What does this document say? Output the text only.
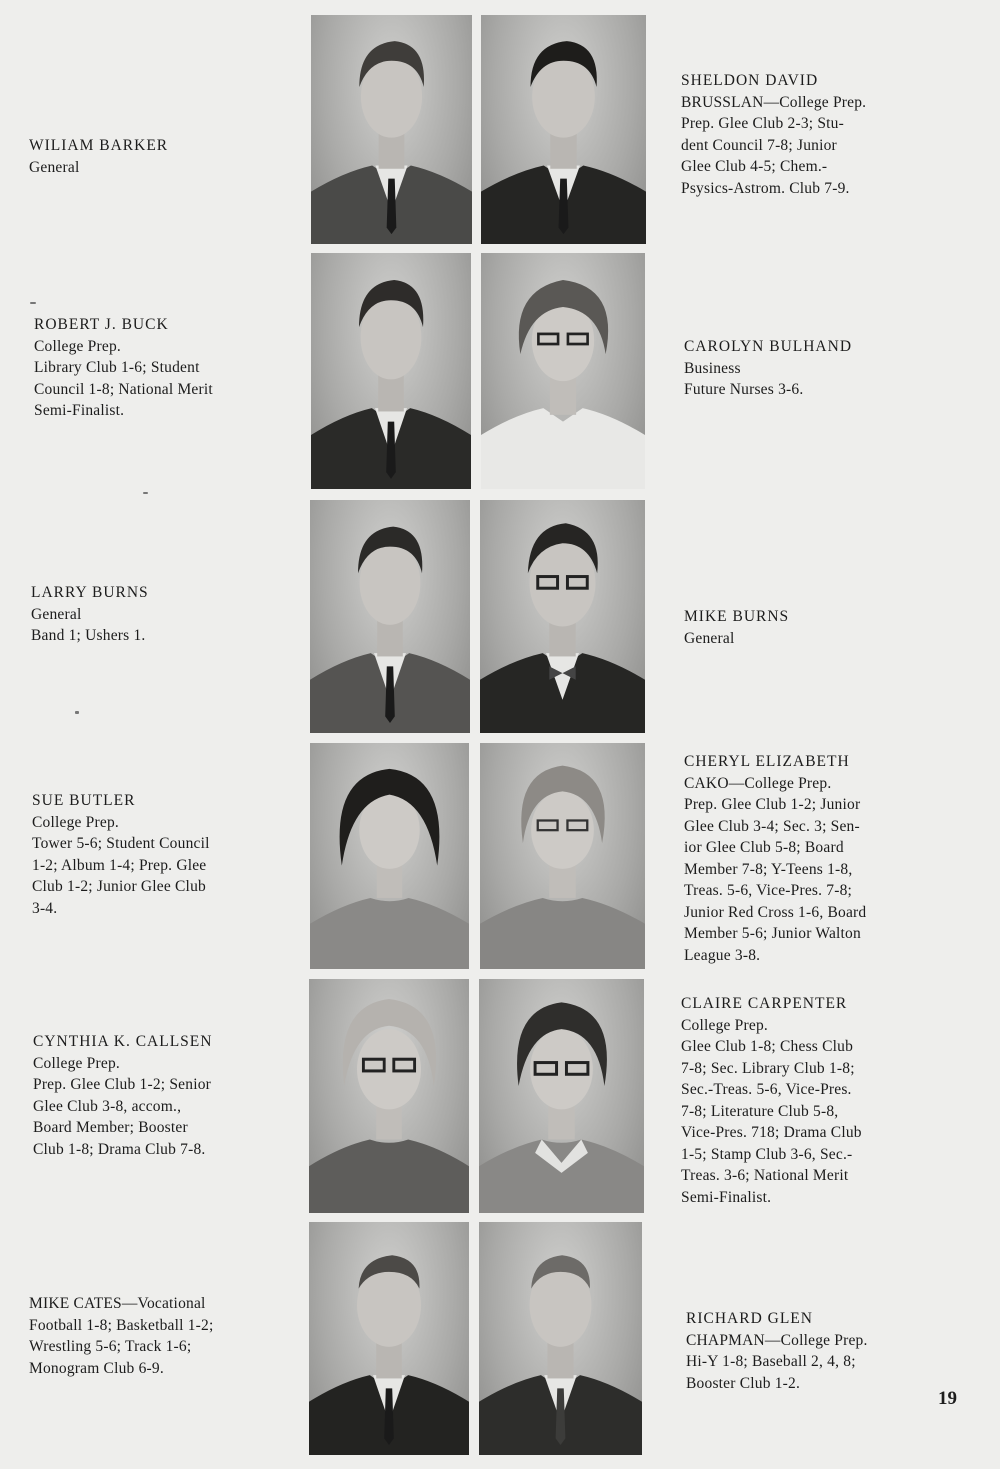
WILIAM BARKER
General
SHELDON DAVID
BRUSSLAN—College Prep.
Prep. Glee Club 2-3; Stu-
dent Council 7-8; Junior
Glee Club 4-5; Chem.-
Psysics-Astrom. Club 7-9.
ROBERT J. BUCK
College Prep.
Library Club 1-6; Student
Council 1-8; National Merit
Semi-Finalist.
CAROLYN BULHAND
Business
Future Nurses 3-6.
LARRY BURNS
General
Band 1; Ushers 1.
MIKE BURNS
General
SUE BUTLER
College Prep.
Tower 5-6; Student Council
1-2; Album 1-4; Prep. Glee
Club 1-2; Junior Glee Club
3-4.
CHERYL ELIZABETH
CAKO—College Prep.
Prep. Glee Club 1-2; Junior
Glee Club 3-4; Sec. 3; Sen-
ior Glee Club 5-8; Board
Member 7-8; Y-Teens 1-8,
Treas. 5-6, Vice-Pres. 7-8;
Junior Red Cross 1-6, Board
Member 5-6; Junior Walton
League 3-8.
CYNTHIA K. CALLSEN
College Prep.
Prep. Glee Club 1-2; Senior
Glee Club 3-8, accom.,
Board Member; Booster
Club 1-8; Drama Club 7-8.
CLAIRE CARPENTER
College Prep.
Glee Club 1-8; Chess Club
7-8; Sec. Library Club 1-8;
Sec.-Treas. 5-6, Vice-Pres.
7-8; Literature Club 5-8,
Vice-Pres. 718; Drama Club
1-5; Stamp Club 3-6, Sec.-
Treas. 3-6; National Merit
Semi-Finalist.
MIKE CATES—Vocational
Football 1-8; Basketball 1-2;
Wrestling 5-6; Track 1-6;
Monogram Club 6-9.
RICHARD GLEN
CHAPMAN—College Prep.
Hi-Y 1-8; Baseball 2, 4, 8;
Booster Club 1-2.
19
